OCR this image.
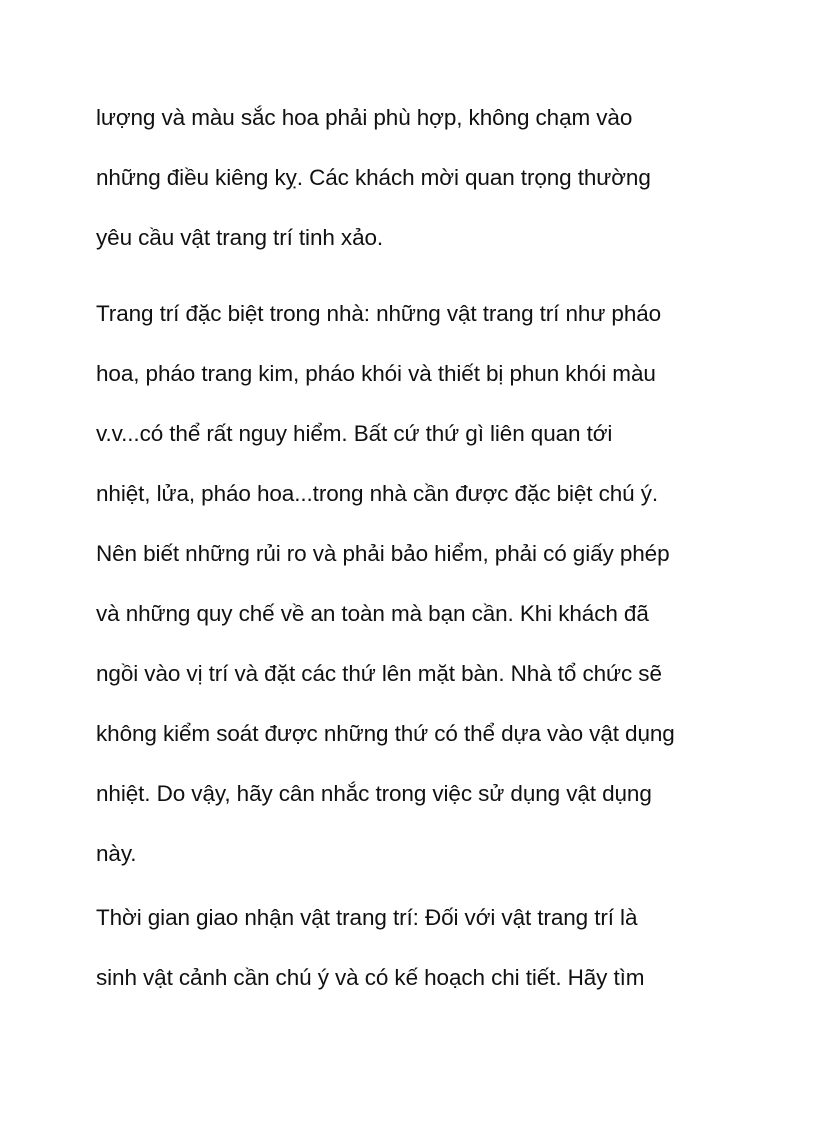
lượng và màu sắc hoa phải phù hợp, không chạm vào
những điều kiêng kỵ. Các khách mời quan trọng thường
yêu cầu vật trang trí tinh xảo.

Trang trí đặc biệt trong nhà: những vật trang trí như pháo
hoa, pháo trang kim, pháo khói và thiết bị phun khói màu
v.v...có thể rất nguy hiểm. Bất cứ thứ gì liên quan tới
nhiệt, lửa, pháo hoa...trong nhà cần được đặc biệt chú ý.
Nên biết những rủi ro và phải bảo hiểm, phải có giấy phép
và những quy chế về an toàn mà bạn cần. Khi khách đã
ngồi vào vị trí và đặt các thứ lên mặt bàn. Nhà tổ chức sẽ
không kiểm soát được những thứ có thể dựa vào vật dụng
nhiệt. Do vậy, hãy cân nhắc trong việc sử dụng vật dụng
này.

Thời gian giao nhận vật trang trí: Đối với vật trang trí là
sinh vật cảnh cần chú ý và có kế hoạch chi tiết. Hãy tìm
